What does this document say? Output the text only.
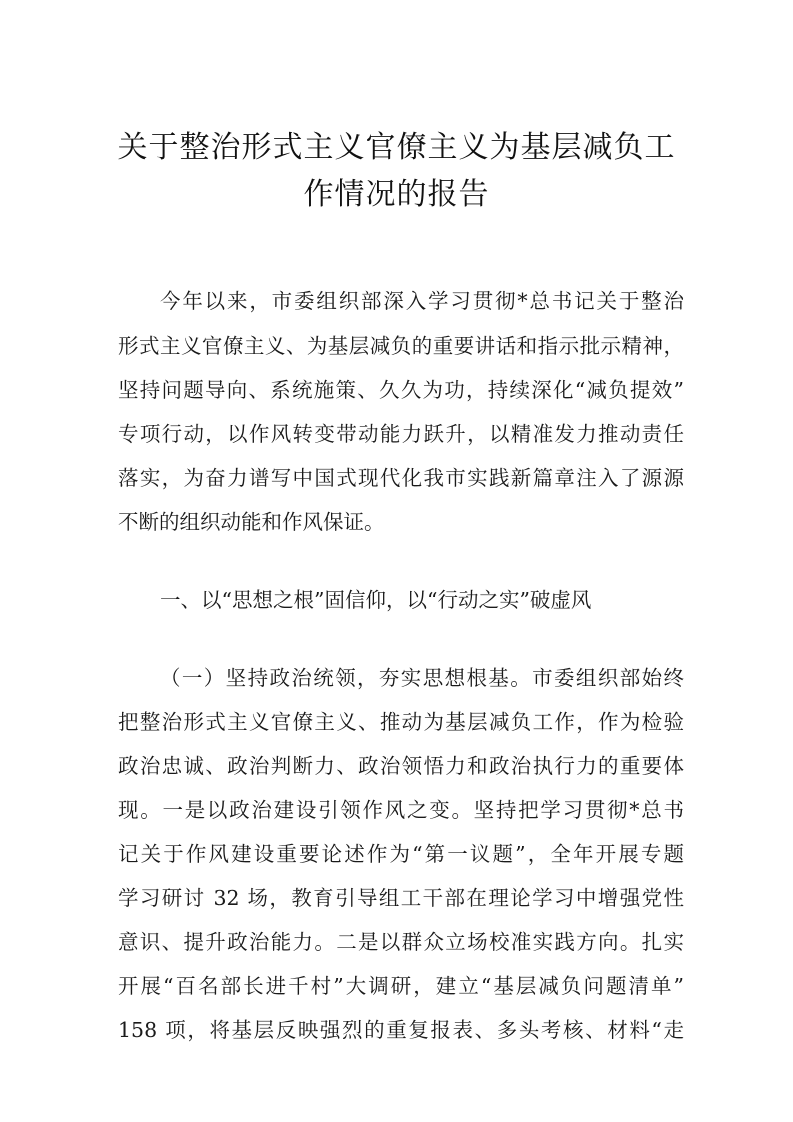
关于整治形式主义官僚主义为基层减负工
作情况的报告
今年以来，市委组织部深入学习贯彻*总书记关于整治
形式主义官僚主义、为基层减负的重要讲话和指示批示精神，
坚持问题导向、系统施策、久久为功，持续深化“减负提效”
专项行动，以作风转变带动能力跃升，以精准发力推动责任
落实，为奋力谱写中国式现代化我市实践新篇章注入了源源
不断的组织动能和作风保证。
一、以“思想之根”固信仰，以“行动之实”破虚风
（一）坚持政治统领，夯实思想根基。市委组织部始终
把整治形式主义官僚主义、推动为基层减负工作，作为检验
政治忠诚、政治判断力、政治领悟力和政治执行力的重要体
现。一是以政治建设引领作风之变。坚持把学习贯彻*总书
记关于作风建设重要论述作为“第一议题”，全年开展专题
学习研讨 32 场，教育引导组工干部在理论学习中增强党性
意识、提升政治能力。二是以群众立场校准实践方向。扎实
开展“百名部长进千村”大调研，建立“基层减负问题清单”
158 项，将基层反映强烈的重复报表、多头考核、材料“走
